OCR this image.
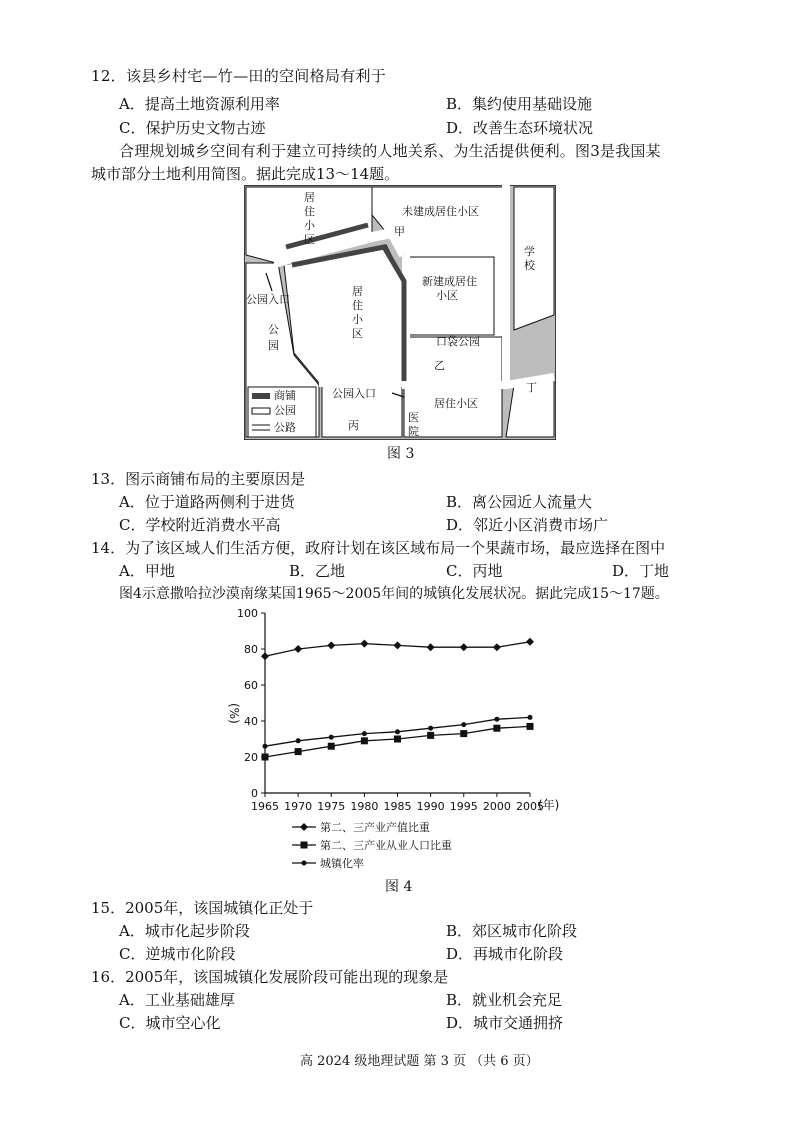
12．该县乡村宅—竹—田的空间格局有利于
A．提高土地资源利用率	B．集约使用基础设施
C．保护历史文物古迹	D．改善生态环境状况
合理规划城乡空间有利于建立可持续的人地关系、为生活提供便利。图3是我国某
城市部分土地利用简图。据此完成13～14题。
居
住
小
区
未建成居住小区
甲
学
校
公园入口
公
园
居
住
小
区
新建成居住
小区
口袋公园
乙
丁
公园入口
居住小区
医
院
丙
商铺
公园
公路
图 3
13．图示商铺布局的主要原因是
A．位于道路两侧利于进货	B．离公园近人流量大
C．学校附近消费水平高	D．邻近小区消费市场广
14．为了该区域人们生活方便，政府计划在该区域布局一个果蔬市场，最应选择在图中
A．甲地	B．乙地	C．丙地	D．丁地
图4示意撒哈拉沙漠南缘某国1965～2005年间的城镇化发展状况。据此完成15～17题。
(%)
(年)
0
20
40
60
80
100
1965 1970 1975 1980 1985 1990 1995 2000 2005
第二、三产业产值比重
第二、三产业从业人口比重
城镇化率
图 4
15．2005年，该国城镇化正处于
A．城市化起步阶段	B．郊区城市化阶段
C．逆城市化阶段	D．再城市化阶段
16．2005年，该国城镇化发展阶段可能出现的现象是
A．工业基础雄厚	B．就业机会充足
C．城市空心化	D．城市交通拥挤
高 2024 级地理试题 第 3 页 （共 6 页）
